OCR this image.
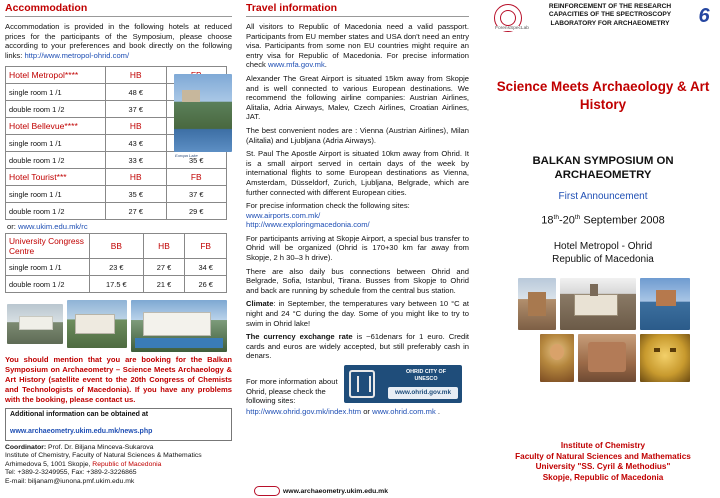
Accommodation
Accommodation is provided in the following hotels at reduced prices for the participants of the Symposium, please choose according to your preferences and book directly on the following links: http://www.metropol-ohrid.com/
Hotel Metropol****	HB	
single room 1 /1	48 €	
double room 1 /2	37 €	
Hotel Bellevue****	HB	
single room 1 /1	43 €	
double room 1 /2	33 €	35 €
Hotel Tourist***	HB	FB
single room 1 /1	35 €	37 €
double room 1 /2	27 €	29 €
or: www.ukim.edu.mk/rc
University Congress Centre	BB	HB	FB
single room 1 /1	23 €	27 €	34 €
double room 1 /2	17.5 €	21 €	26 €
You should mention that you are booking for the Balkan Symposium on Archaeometry – Science Meets Archaeology & Art History (satellite event to the 20th Congress of Chemists and Technologists of Macedonia). If you have any problems with the booking, please contact us.
Additional information can be obtained at
www.archaeometry.ukim.edu.mk/news.php
Coordinator: Prof. Dr. Biljana Minceva-Sukarova
Institute of Chemistry, Faculty of Natural Sciences & Mathematics
Arhimedova 5, 1001 Skopje, Republic of Macedonia
Tel: +389-2-3249955, Fax: +389-2-3226865
E-mail: biljanam@iunona.pmf.ukim.edu.mk
Europa Lake
Travel information
All visitors to Republic of Macedonia need a valid passport. Participants from EU member states and USA don't need an entry visa. Participants from some non EU countries might require an entry visa for Republic of Macedonia. For precise information check www.mfa.gov.mk.
Alexander The Great Airport is situated 15km away from Skopje and is well connected to various European destinations. We recommend the following airline companies: Austrian Airlines, Alitalia, Adria Airways, Malev, Czech Airlines, Croatian Airlines, JAT.
The best convenient nodes are : Vienna (Austrian Airlines), Milan (Alitalia) and Ljubljana (Adria Airways).
St. Paul The Apostle Airport is situated 10km away from Ohrid. It is a small airport served in certain days of the week by international flights to some European destinations as Vienna, Amsterdam, Düsseldorf, Zurich, Ljubljana, Belgrade, which are further connected with different European cities.
For precise information check the following sites:
www.airports.com.mk/
http://www.exploringmacedonia.com/
For participants arriving at Skopje Airport, a special bus transfer to Ohrid will be organized (Ohrid is 170+30 km far away from Skopje, 2 h 30–3 h drive).
There are also daily bus connections between Ohrid and Belgrade, Sofia, Istanbul, Tirana. Busses from Skopje to Ohrid and back are running by schedule from the central bus station.
Climate: in September, the temperatures vary between 10 °C at night and 24 °C during the day. Some of you might like to try to swim in Ohrid lake!
The currency exchange rate is ~61denars for 1 euro. Credit cards and euros are widely accepted, but still preferably cash in denars.
For more information about Ohrid, please check the following sites:
OHRID CITY OF UNESCO
www.ohrid.gov.mk
http://www.ohrid.gov.mk/index.htm or www.ohrid.com.mk .
ForensSpecLab
REINFORCEMENT OF THE RESEARCH CAPACITIES OF THE SPECTROSCOPY LABORATORY FOR ARCHAEOMETRY	6
Science Meets Archaeology & Art History
BALKAN SYMPOSIUM ON ARCHAEOMETRY
First Announcement
18th-20th September 2008
Hotel Metropol - Ohrid
Republic of Macedonia
Institute of Chemistry
Faculty of Natural Sciences and Mathematics
University "SS. Cyril & Methodius"
Skopje, Republic of Macedonia
www.archaeometry.ukim.edu.mk
